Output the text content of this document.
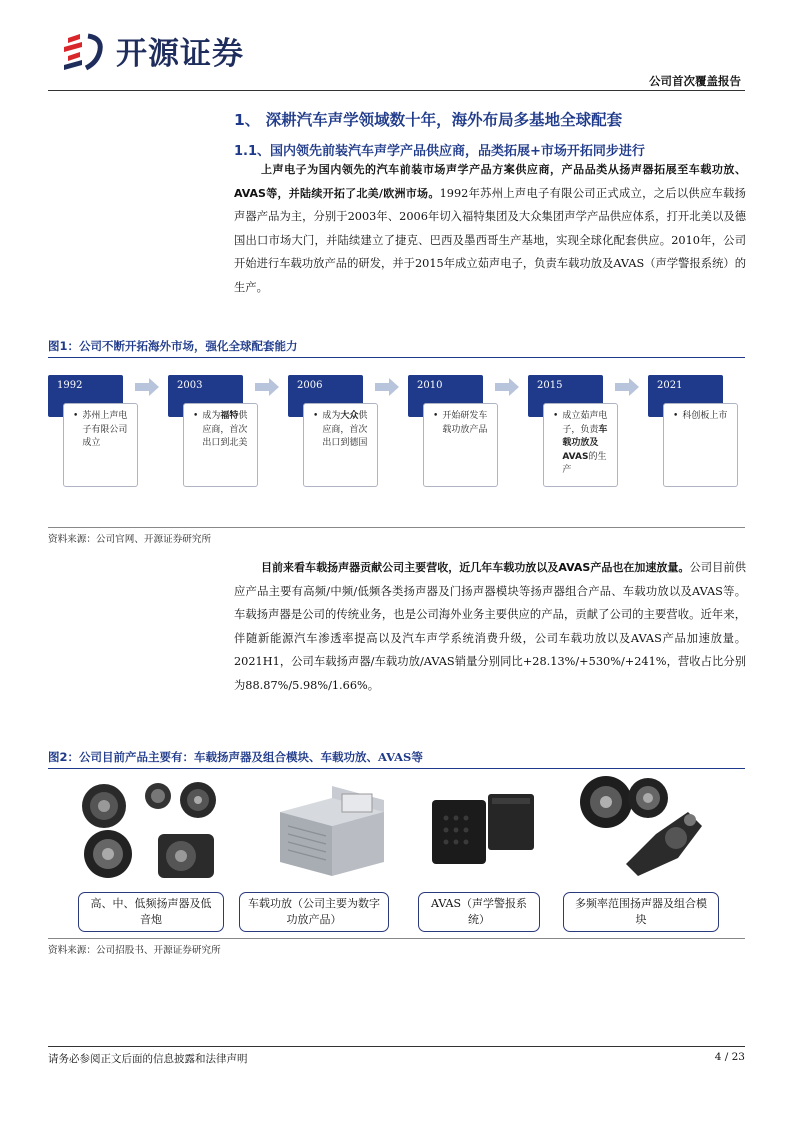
开源证券
公司首次覆盖报告
1、 深耕汽车声学领域数十年，海外布局多基地全球配套
1.1、国内领先前装汽车声学产品供应商，品类拓展+市场开拓同步进行
上声电子为国内领先的汽车前装市场声学产品方案供应商，产品品类从扬声器拓展至车载功放、AVAS等，并陆续开拓了北美/欧洲市场。1992年苏州上声电子有限公司正式成立，之后以供应车载扬声器产品为主，分别于2003年、2006年切入福特集团及大众集团声学产品供应体系，打开北美以及德国出口市场大门，并陆续建立了捷克、巴西及墨西哥生产基地，实现全球化配套供应。2010年，公司开始进行车载功放产品的研发，并于2015年成立茹声电子，负责车载功放及AVAS（声学警报系统）的生产。
图1：公司不断开拓海外市场，强化全球配套能力
1992
• 苏州上声电子有限公司成立
2003
• 成为福特供应商，首次出口到北美
2006
• 成为大众供应商，首次出口到德国
2010
• 开始研发车载功放产品
2015
• 成立茹声电子，负责车载功放及AVAS的生产
2021
• 科创板上市
资料来源：公司官网、开源证券研究所
目前来看车载扬声器贡献公司主要营收，近几年车载功放以及AVAS产品也在加速放量。公司目前供应产品主要有高频/中频/低频各类扬声器及门扬声器模块等扬声器组合产品、车载功放以及AVAS等。车载扬声器是公司的传统业务，也是公司海外业务主要供应的产品，贡献了公司的主要营收。近年来，伴随新能源汽车渗透率提高以及汽车声学系统消费升级，公司车载功放以及AVAS产品加速放量。2021H1，公司车载扬声器/车载功放/AVAS销量分别同比+28.13%/+530%/+241%，营收占比分别为88.87%/5.98%/1.66%。
图2：公司目前产品主要有：车载扬声器及组合模块、车载功放、AVAS等
高、中、低频扬声器及低音炮
车载功放（公司主要为数字功放产品）
AVAS（声学警报系统）
多频率范围扬声器及组合模块
资料来源：公司招股书、开源证券研究所
请务必参阅正文后面的信息披露和法律声明	4 / 23
